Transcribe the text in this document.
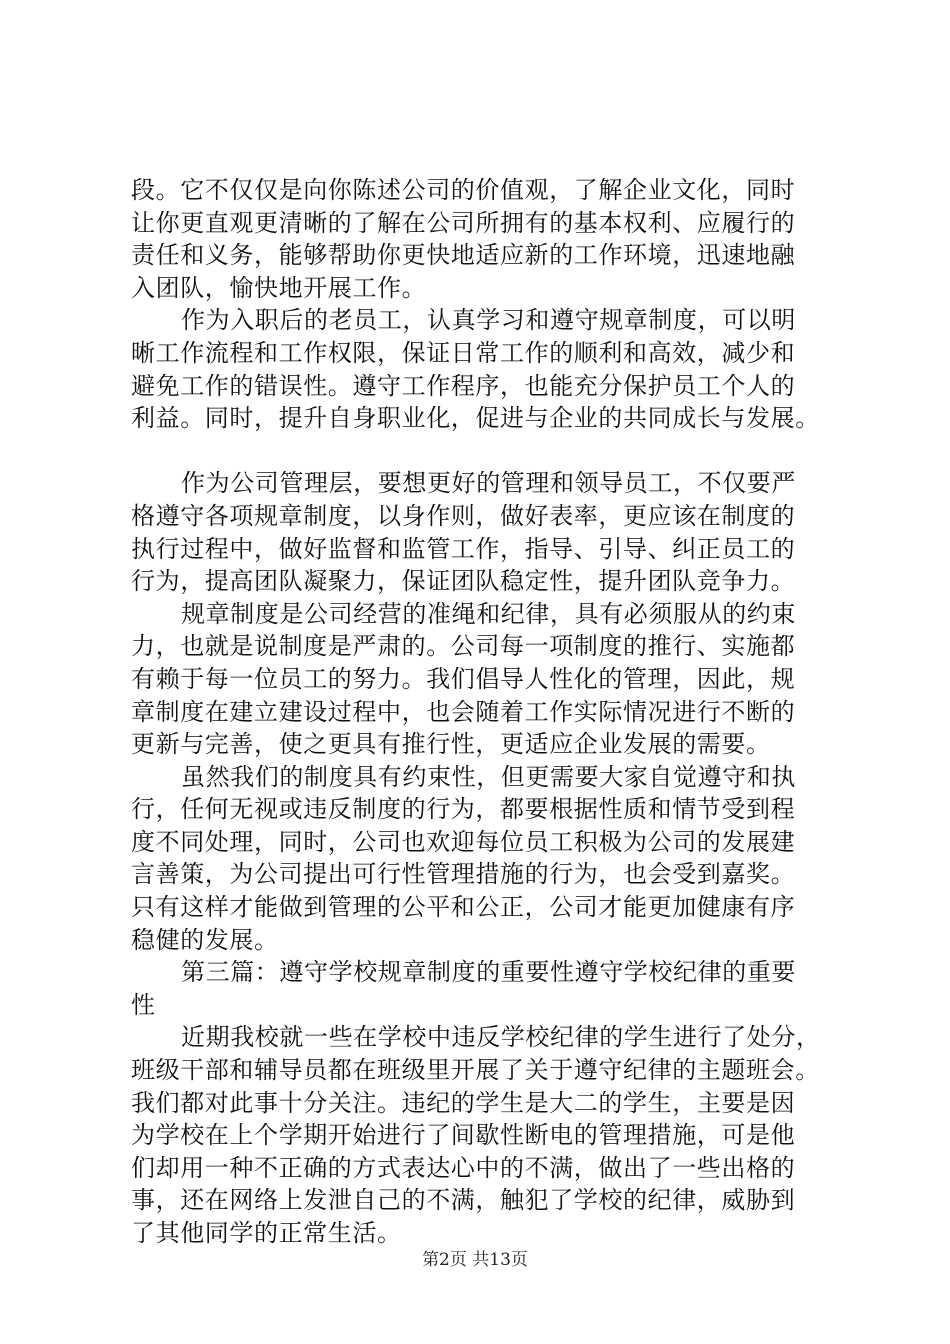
段。它不仅仅是向你陈述公司的价值观，了解企业文化，同时
让你更直观更清晰的了解在公司所拥有的基本权利、应履行的
责任和义务，能够帮助你更快地适应新的工作环境，迅速地融
入团队，愉快地开展工作。
作为入职后的老员工，认真学习和遵守规章制度，可以明
晰工作流程和工作权限，保证日常工作的顺利和高效，减少和
避免工作的错误性。遵守工作程序，也能充分保护员工个人的
利益。同时，提升自身职业化，促进与企业的共同成长与发展。
作为公司管理层，要想更好的管理和领导员工，不仅要严
格遵守各项规章制度，以身作则，做好表率，更应该在制度的
执行过程中，做好监督和监管工作，指导、引导、纠正员工的
行为，提高团队凝聚力，保证团队稳定性，提升团队竞争力。
规章制度是公司经营的准绳和纪律，具有必须服从的约束
力，也就是说制度是严肃的。公司每一项制度的推行、实施都
有赖于每一位员工的努力。我们倡导人性化的管理，因此，规
章制度在建立建设过程中，也会随着工作实际情况进行不断的
更新与完善，使之更具有推行性，更适应企业发展的需要。
虽然我们的制度具有约束性，但更需要大家自觉遵守和执
行，任何无视或违反制度的行为，都要根据性质和情节受到程
度不同处理，同时，公司也欢迎每位员工积极为公司的发展建
言善策，为公司提出可行性管理措施的行为，也会受到嘉奖。
只有这样才能做到管理的公平和公正，公司才能更加健康有序
稳健的发展。
第三篇：遵守学校规章制度的重要性遵守学校纪律的重要
性
近期我校就一些在学校中违反学校纪律的学生进行了处分，
班级干部和辅导员都在班级里开展了关于遵守纪律的主题班会。
我们都对此事十分关注。违纪的学生是大二的学生，主要是因
为学校在上个学期开始进行了间歇性断电的管理措施，可是他
们却用一种不正确的方式表达心中的不满，做出了一些出格的
事，还在网络上发泄自己的不满，触犯了学校的纪律，威胁到
了其他同学的正常生活。
第2页 共13页
